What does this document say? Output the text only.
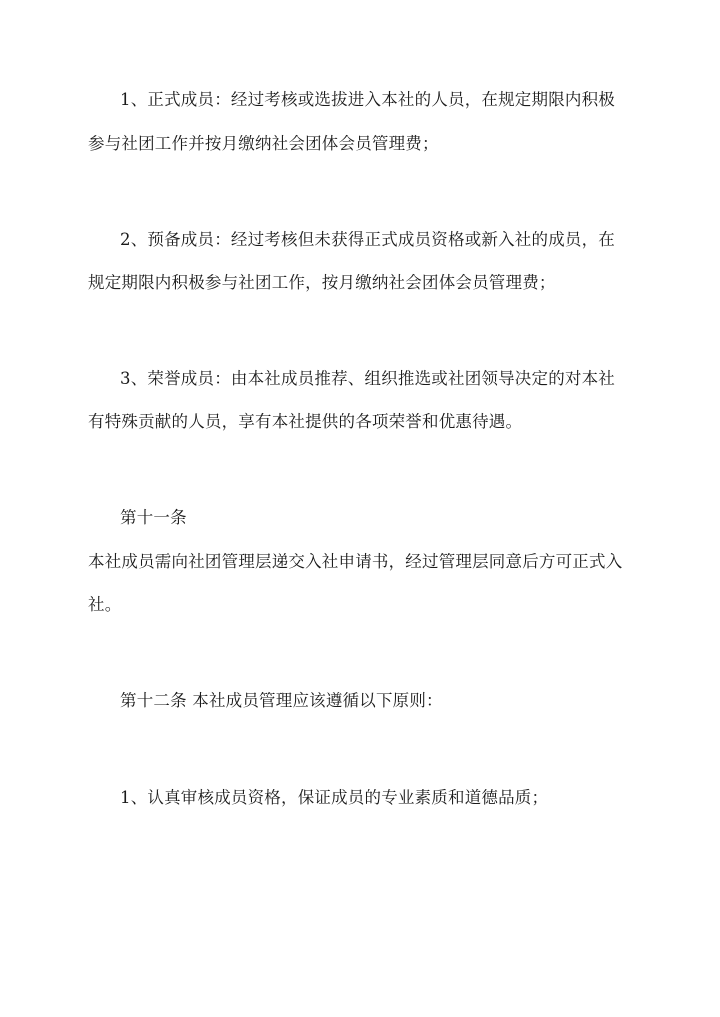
1、正式成员：经过考核或选拔进入本社的人员，在规定期限内积极
参与社团工作并按月缴纳社会团体会员管理费；
2、预备成员：经过考核但未获得正式成员资格或新入社的成员，在
规定期限内积极参与社团工作，按月缴纳社会团体会员管理费；
3、荣誉成员：由本社成员推荐、组织推选或社团领导决定的对本社
有特殊贡献的人员，享有本社提供的各项荣誉和优惠待遇。
第十一条
本社成员需向社团管理层递交入社申请书，经过管理层同意后方可正式入
社。
第十二条 本社成员管理应该遵循以下原则：
1、认真审核成员资格，保证成员的专业素质和道德品质；
